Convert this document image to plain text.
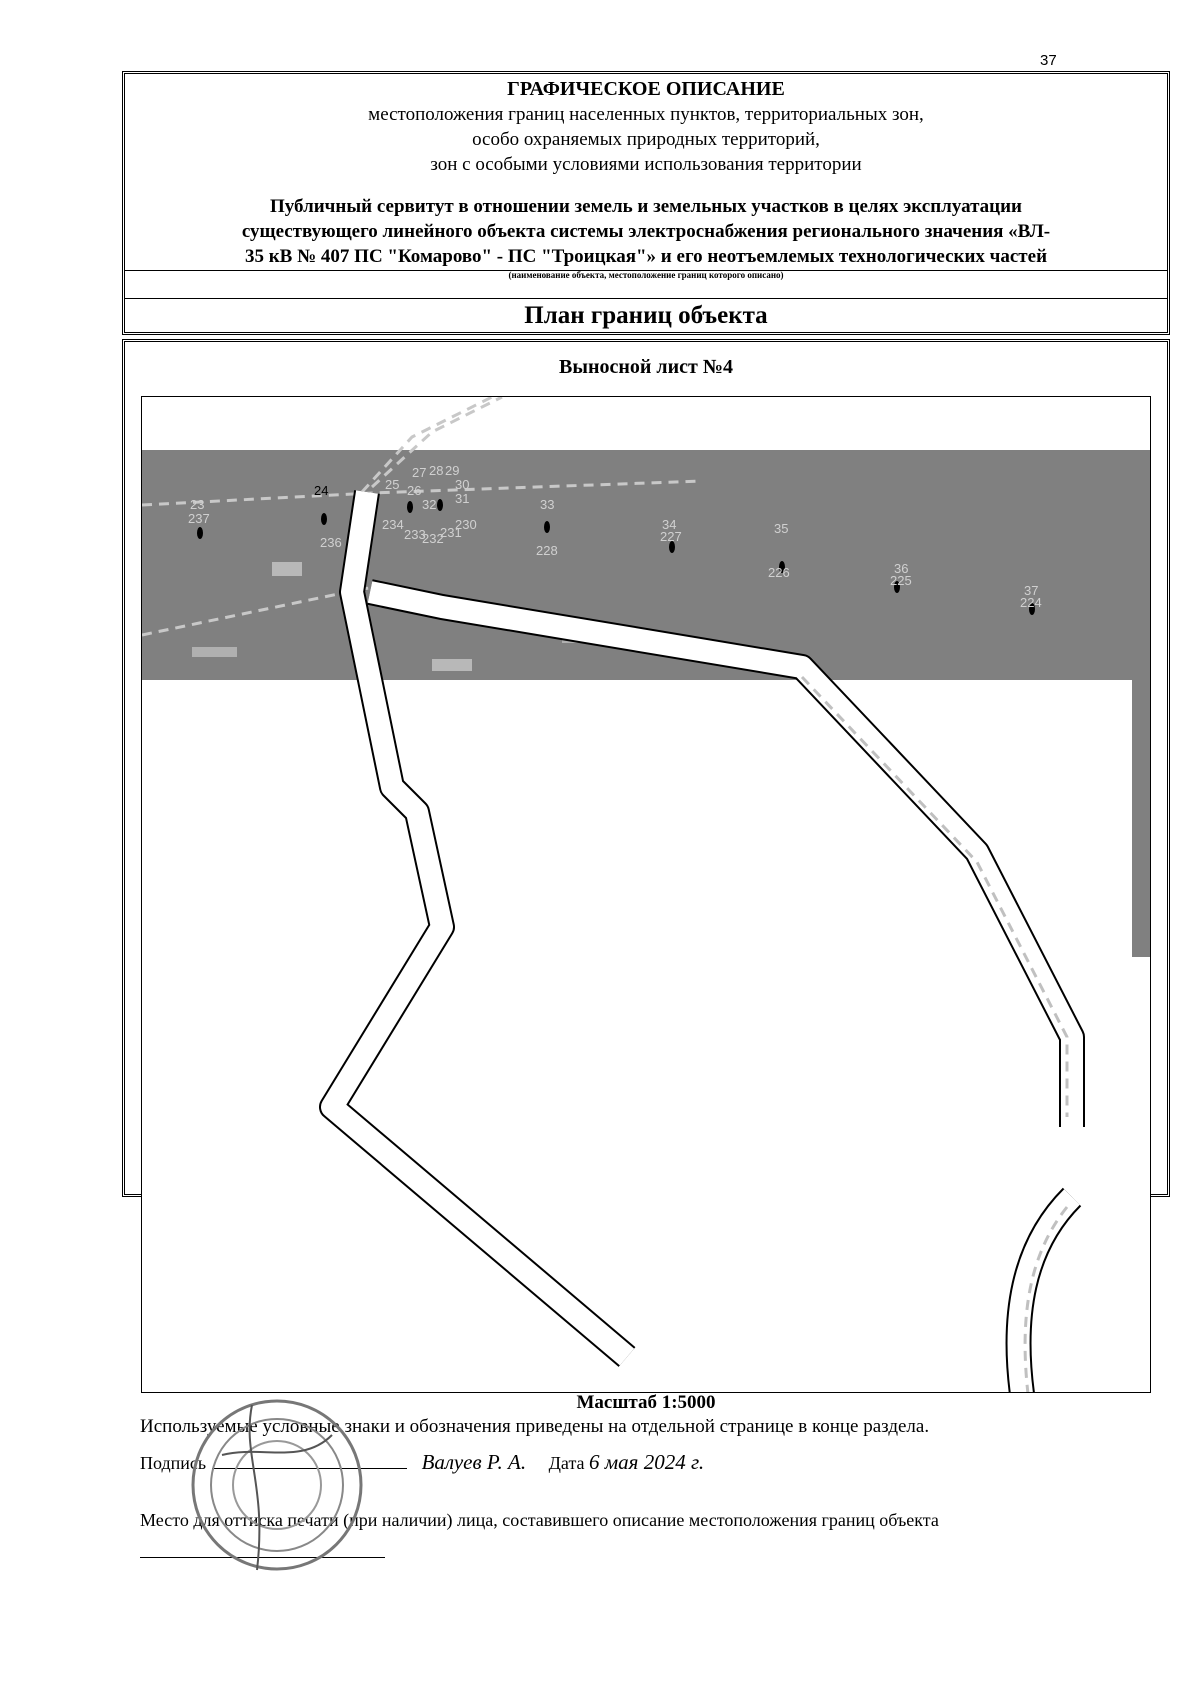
37
ГРАФИЧЕСКОЕ ОПИСАНИЕ
местоположения границ населенных пунктов, территориальных зон,
особо охраняемых природных территорий,
зон с особыми условиями использования территории
Публичный сервитут в отношении земель и земельных участков в целях эксплуатации
существующего линейного объекта системы электроснабжения регионального значения «ВЛ-
35 кВ № 407 ПС "Комарово" - ПС "Троицкая"» и его неотъемлемых технологических частей
(наименование объекта, местоположение границ которого описано)
План границ объекта
Выносной лист №4
23
237
24
236
25
27 28 29
30
26
31
32
234
233
232
231
230
33
228
35
226
34
227
36
225
37
224
Масштаб 1:5000
Используемые условные знаки и обозначения приведены на отдельной странице в конце раздела.
Подпись	Валуев Р. А. Дата 6 мая 2024 г.
Место для оттиска печати (при наличии) лица, составившего описание местоположения границ объекта
